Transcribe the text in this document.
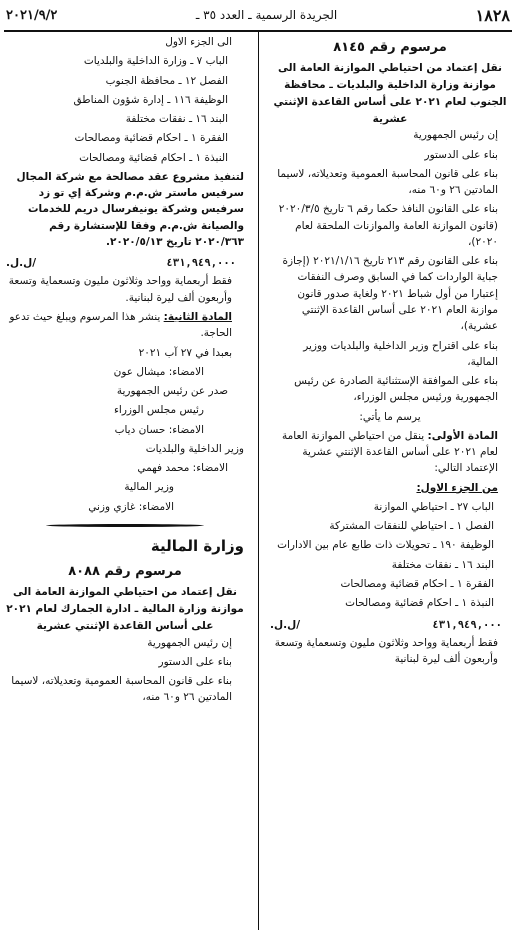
١٨٢٨
الجريدة الرسمية ـ العدد ٣٥ ـ
٢٠٢١/٩/٢
مرسوم رقم ٨١٤٥
نقل إعتماد من احتياطي الموازنة العامة الى موازنة وزارة الداخلية والبلديات ـ محافظة الجنوب لعام ٢٠٢١ على أساس القاعدة الإثنتي عشرية

إن رئيس الجمهورية

بناء على الدستور

بناء على قانون المحاسبة العمومية وتعديلاته، لاسيما المادتين ٢٦ و٦٠ منه،

بناء على القانون النافذ حكما رقم ٦ تاريخ ٢٠٢٠/٣/٥ (قانون الموازنة العامة والموازنات الملحقة لعام ٢٠٢٠)،

بناء على القانون رقم ٢١٣ تاريخ ٢٠٢١/١/١٦ (إجازة جباية الواردات كما في السابق وصرف النفقات إعتبارا من أول شباط ٢٠٢١ ولغاية صدور قانون موازنة العام ٢٠٢١ على أساس القاعدة الإثنتي عشرية)،

بناء على اقتراح وزير الداخلية والبلديات ووزير المالية،

بناء على الموافقة الإستثنائية الصادرة عن رئيس الجمهورية ورئيس مجلس الوزراء،

يرسم ما يأتي:

المادة الأولى: ينقل من احتياطي الموازنة العامة لعام ٢٠٢١ على أساس القاعدة الإثنتي عشرية الإعتماد التالي:

من الجزء الاول:

الباب ٢٧ ـ احتياطي الموازنة

الفصل ١ ـ احتياطي للنفقات المشتركة

الوظيفة ١٩٠ ـ تحويلات ذات طابع عام بين الادارات

البند ١٦ ـ نفقات مختلفة

الفقرة ١ ـ احكام قضائية ومصالحات

النبذة ١ ـ احكام قضائية ومصالحات

٤٣١,٩٤٩,٠٠٠
/ل.ل.

فقط أربعماية وواحد وثلاثون مليون وتسعماية وتسعة وأربعون ألف ليرة لبنانية

الى الجزء الاول

الباب ٧ ـ وزارة الداخلية والبلديات

الفصل ١٢ ـ محافظة الجنوب

الوظيفة ١١٦ ـ إدارة شؤون المناطق

البند ١٦ ـ نفقات مختلفة

الفقرة ١ ـ احكام قضائية ومصالحات

النبذة ١ ـ احكام قضائية ومصالحات

لتنفيذ مشروع عقد مصالحة مع شركة المجال سرفيس ماستر ش.م.م وشركة إي تو زد سرفيس وشركة يونيفرسال دريم للخدمات والصيانة ش.م.م وفقا للإستشارة رقم ٢٠٢٠/٣٦٣ تاريخ ٢٠٢٠/٥/١٣.

٤٣١,٩٤٩,٠٠٠
/ل.ل.

فقط أربعماية وواحد وثلاثون مليون وتسعماية وتسعة وأربعون ألف ليرة لبنانية.

المادة الثانية: ينشر هذا المرسوم ويبلغ حيث تدعو الحاجة.

بعبدا في ٢٧ آب ٢٠٢١

الامضاء: ميشال عون

صدر عن رئيس الجمهورية

رئيس مجلس الوزراء

الامضاء: حسان دياب

وزير الداخلية والبلديات

الامضاء: محمد فهمي

وزير المالية

الامضاء: غازي وزني

وزارة المالية
مرسوم رقم ٨٠٨٨
نقل إعتماد من احتياطي الموازنة العامة الى موازنة وزارة المالية ـ ادارة الجمارك لعام ٢٠٢١ على أساس القاعدة الإثنتي عشرية

إن رئيس الجمهورية

بناء على الدستور

بناء على قانون المحاسبة العمومية وتعديلاته، لاسيما المادتين ٢٦ و٦٠ منه،
